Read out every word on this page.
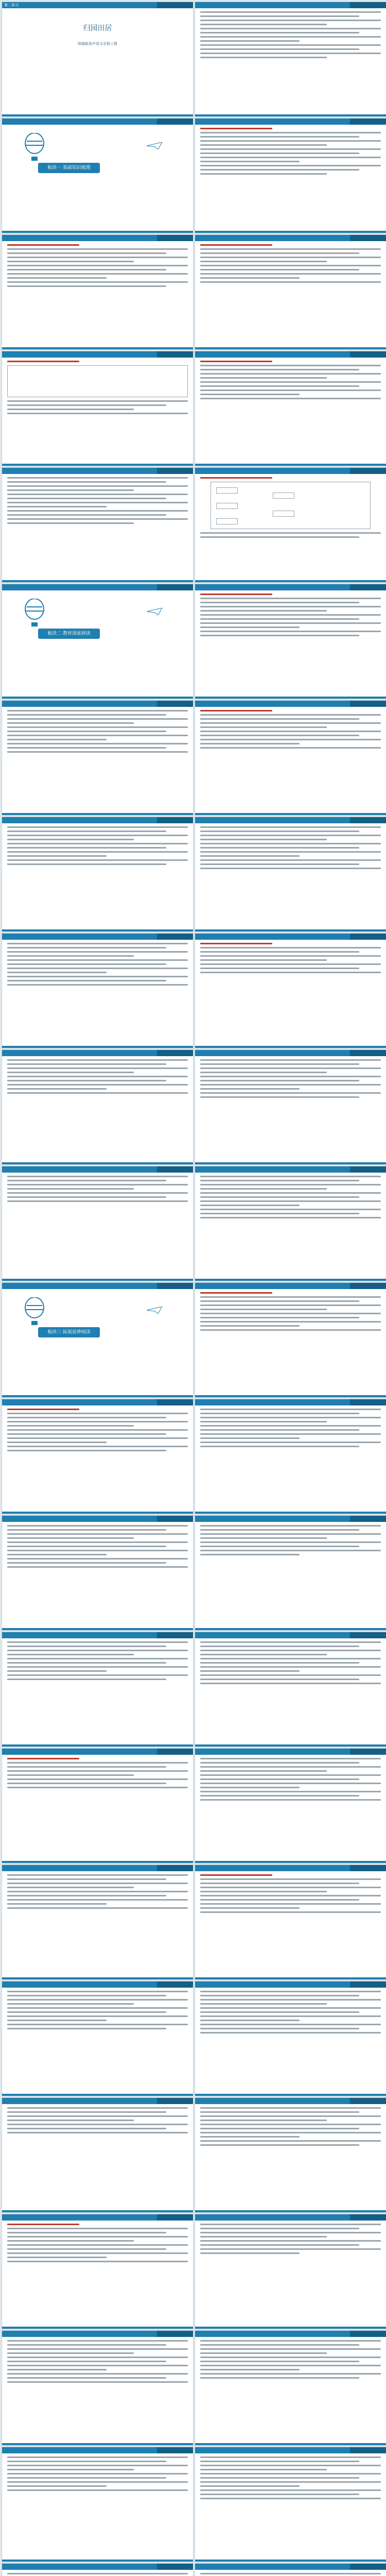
第二单元
归园田居
统编版高中语文必修上册
板块一 基础知识梳理
板块二 教材深度研读
板块三 拓展延伸阅读
